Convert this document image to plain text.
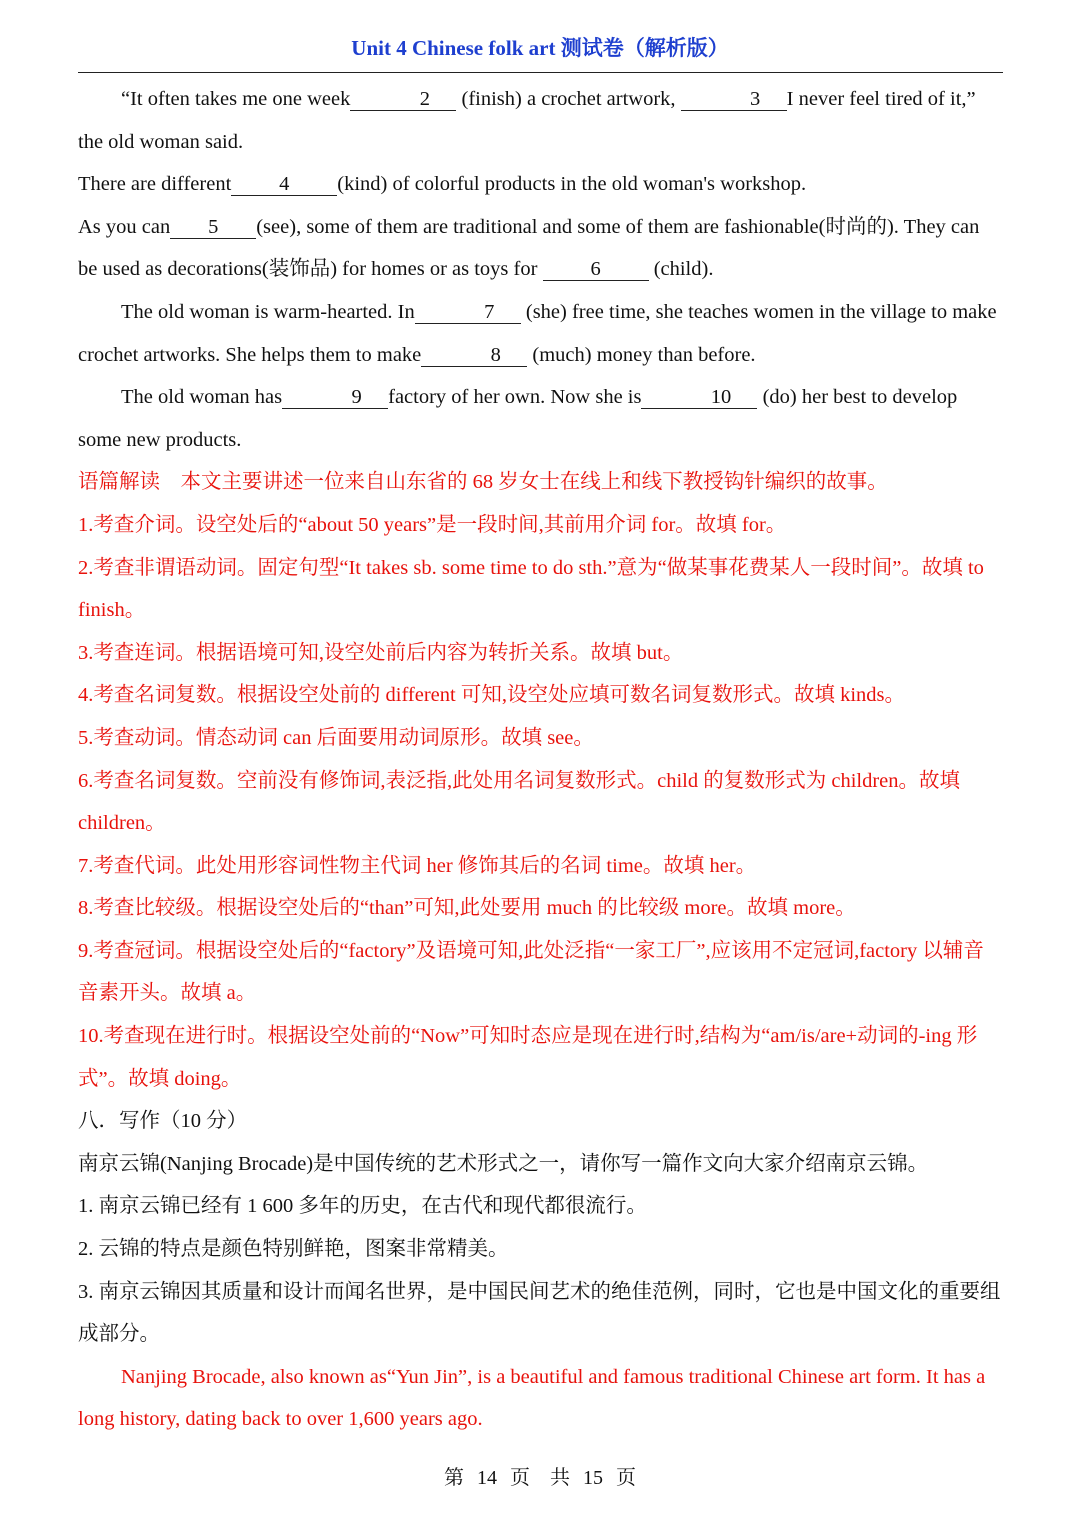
Unit 4 Chinese folk art 测试卷（解析版）

“It often takes me one week	2 (finish) a crochet artwork,	3 I never feel tired of it,” the old woman said.

There are different 4 (kind) of colorful products in the old woman's workshop.

As you can 5 (see), some of them are traditional and some of them are fashionable(时尚的). They can be used as decorations(装饰品) for homes or as toys for 6 (child).

The old woman is warm-hearted. In	7 (she) free time, she teaches women in the village to make crochet artworks. She helps them to make	8 (much) money than before.

The old woman has	9 factory of her own. Now she is	10 (do) her best to develop some new products.

语篇解读　本文主要讲述一位来自山东省的 68 岁女士在线上和线下教授钩针编织的故事。

1.考查介词。设空处后的“about 50 years”是一段时间,其前用介词 for。故填 for。

2.考查非谓语动词。固定句型“It takes sb. some time to do sth.”意为“做某事花费某人一段时间”。故填 to finish。

3.考查连词。根据语境可知,设空处前后内容为转折关系。故填 but。

4.考查名词复数。根据设空处前的 different 可知,设空处应填可数名词复数形式。故填 kinds。

5.考查动词。情态动词 can 后面要用动词原形。故填 see。

6.考查名词复数。空前没有修饰词,表泛指,此处用名词复数形式。child 的复数形式为 children。故填 children。

7.考查代词。此处用形容词性物主代词 her 修饰其后的名词 time。故填 her。

8.考查比较级。根据设空处后的“than”可知,此处要用 much 的比较级 more。故填 more。

9.考查冠词。根据设空处后的“factory”及语境可知,此处泛指“一家工厂”,应该用不定冠词,factory 以辅音音素开头。故填 a。

10.考查现在进行时。根据设空处前的“Now”可知时态应是现在进行时,结构为“am/is/are+动词的-ing 形式”。故填 doing。

八．写作（10 分）

南京云锦(Nanjing Brocade)是中国传统的艺术形式之一，请你写一篇作文向大家介绍南京云锦。

1. 南京云锦已经有 1 600 多年的历史，在古代和现代都很流行。

2. 云锦的特点是颜色特别鲜艳，图案非常精美。

3. 南京云锦因其质量和设计而闻名世界，是中国民间艺术的绝佳范例，同时，它也是中国文化的重要组成部分。

Nanjing Brocade, also known as“Yun Jin”, is a beautiful and famous traditional Chinese art form. It has a long history, dating back to over 1,600 years ago.

第 14 页　共 15 页
